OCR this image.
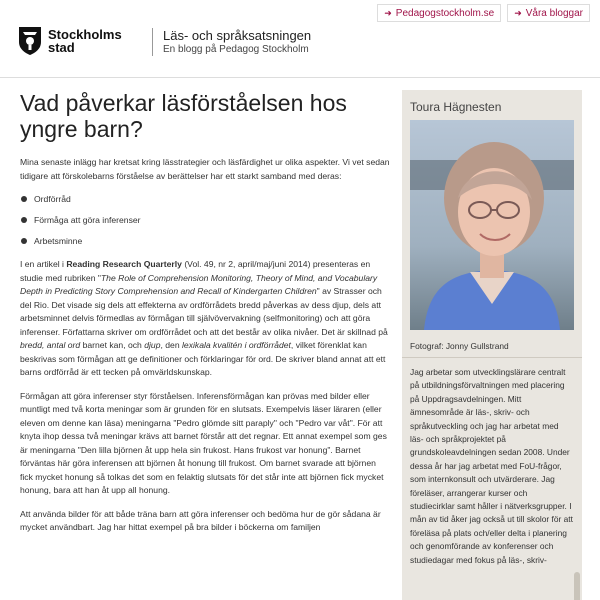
Stockholms
stad
Läs- och språksatsningen
En blogg på Pedagog Stockholm
➜ Pedagogstockholm.se ➜ Våra bloggar
Vad påverkar läsförståelsen hos yngre barn?

Mina senaste inlägg har kretsat kring lässtrategier och läsfärdighet ur olika aspekter. Vi vet sedan tidigare att förskolebarns förståelse av berättelser har ett starkt samband med deras:

Ordförråd
Förmåga att göra inferenser
Arbetsminne

I en artikel i Reading Research Quarterly (Vol. 49, nr 2, april/maj/juni 2014) presenteras en studie med rubriken "The Role of Comprehension Monitoring, Theory of Mind, and Vocabulary Depth in Predicting Story Comprehension and Recall of Kindergarten Children" av Strasser och del Rio. Det visade sig dels att effekterna av ordförrådets bredd påverkas av dess djup, dels att arbetsminnet delvis förmedlas av förmågan till självövervakning (selfmonitoring) och att göra inferenser. Författarna skriver om ordförrådet och att det består av olika nivåer. Det är skillnad på bredd, antal ord barnet kan, och djup, den lexikala kvalitén i ordförrådet, vilket förenklat kan beskrivas som förmågan att ge definitioner och förklaringar för ord. De skriver bland annat att ett barns ordförråd är ett tecken på omvärldskunskap.

Förmågan att göra inferenser styr förståelsen. Inferensförmågan kan prövas med bilder eller muntligt med två korta meningar som är grunden för en slutsats. Exempelvis läser läraren (eller eleven om denne kan läsa) meningarna "Pedro glömde sitt paraply" och "Pedro var våt". För att knyta ihop dessa två meningar krävs att barnet förstår att det regnar. Ett annat exempel som ges är meningarna "Den lilla björnen åt upp hela sin frukost. Hans frukost var honung". Barnet förväntas här göra inferensen att björnen åt honung till frukost. Om barnet svarade att björnen fick mycket honung så tolkas det som en felaktig slutsats för det står inte att björnen fick mycket honung, bara att han åt upp all honung.

Att använda bilder för att både träna barn att göra inferenser och bedöma hur de gör sådana är mycket användbart. Jag har hittat exempel på bra bilder i böckerna om familjen

Toura Hägnesten
Fotograf: Jonny Gullstrand
Jag arbetar som utvecklingslärare centralt på utbildningsförvaltningen med placering på Uppdragsavdelningen. Mitt ämnesområde är läs-, skriv- och språkutveckling och jag har arbetat med läs- och språkprojektet på grundskoleavdelningen sedan 2008. Under dessa år har jag arbetat med FoU-frågor, som internkonsult och utvärderare. Jag föreläser, arrangerar kurser och studiecirklar samt håller i nätverksgrupper. I mån av tid åker jag också ut till skolor för att föreläsa på plats och/eller delta i planering och genomförande av konferenser och studiedagar med fokus på läs-, skriv-
